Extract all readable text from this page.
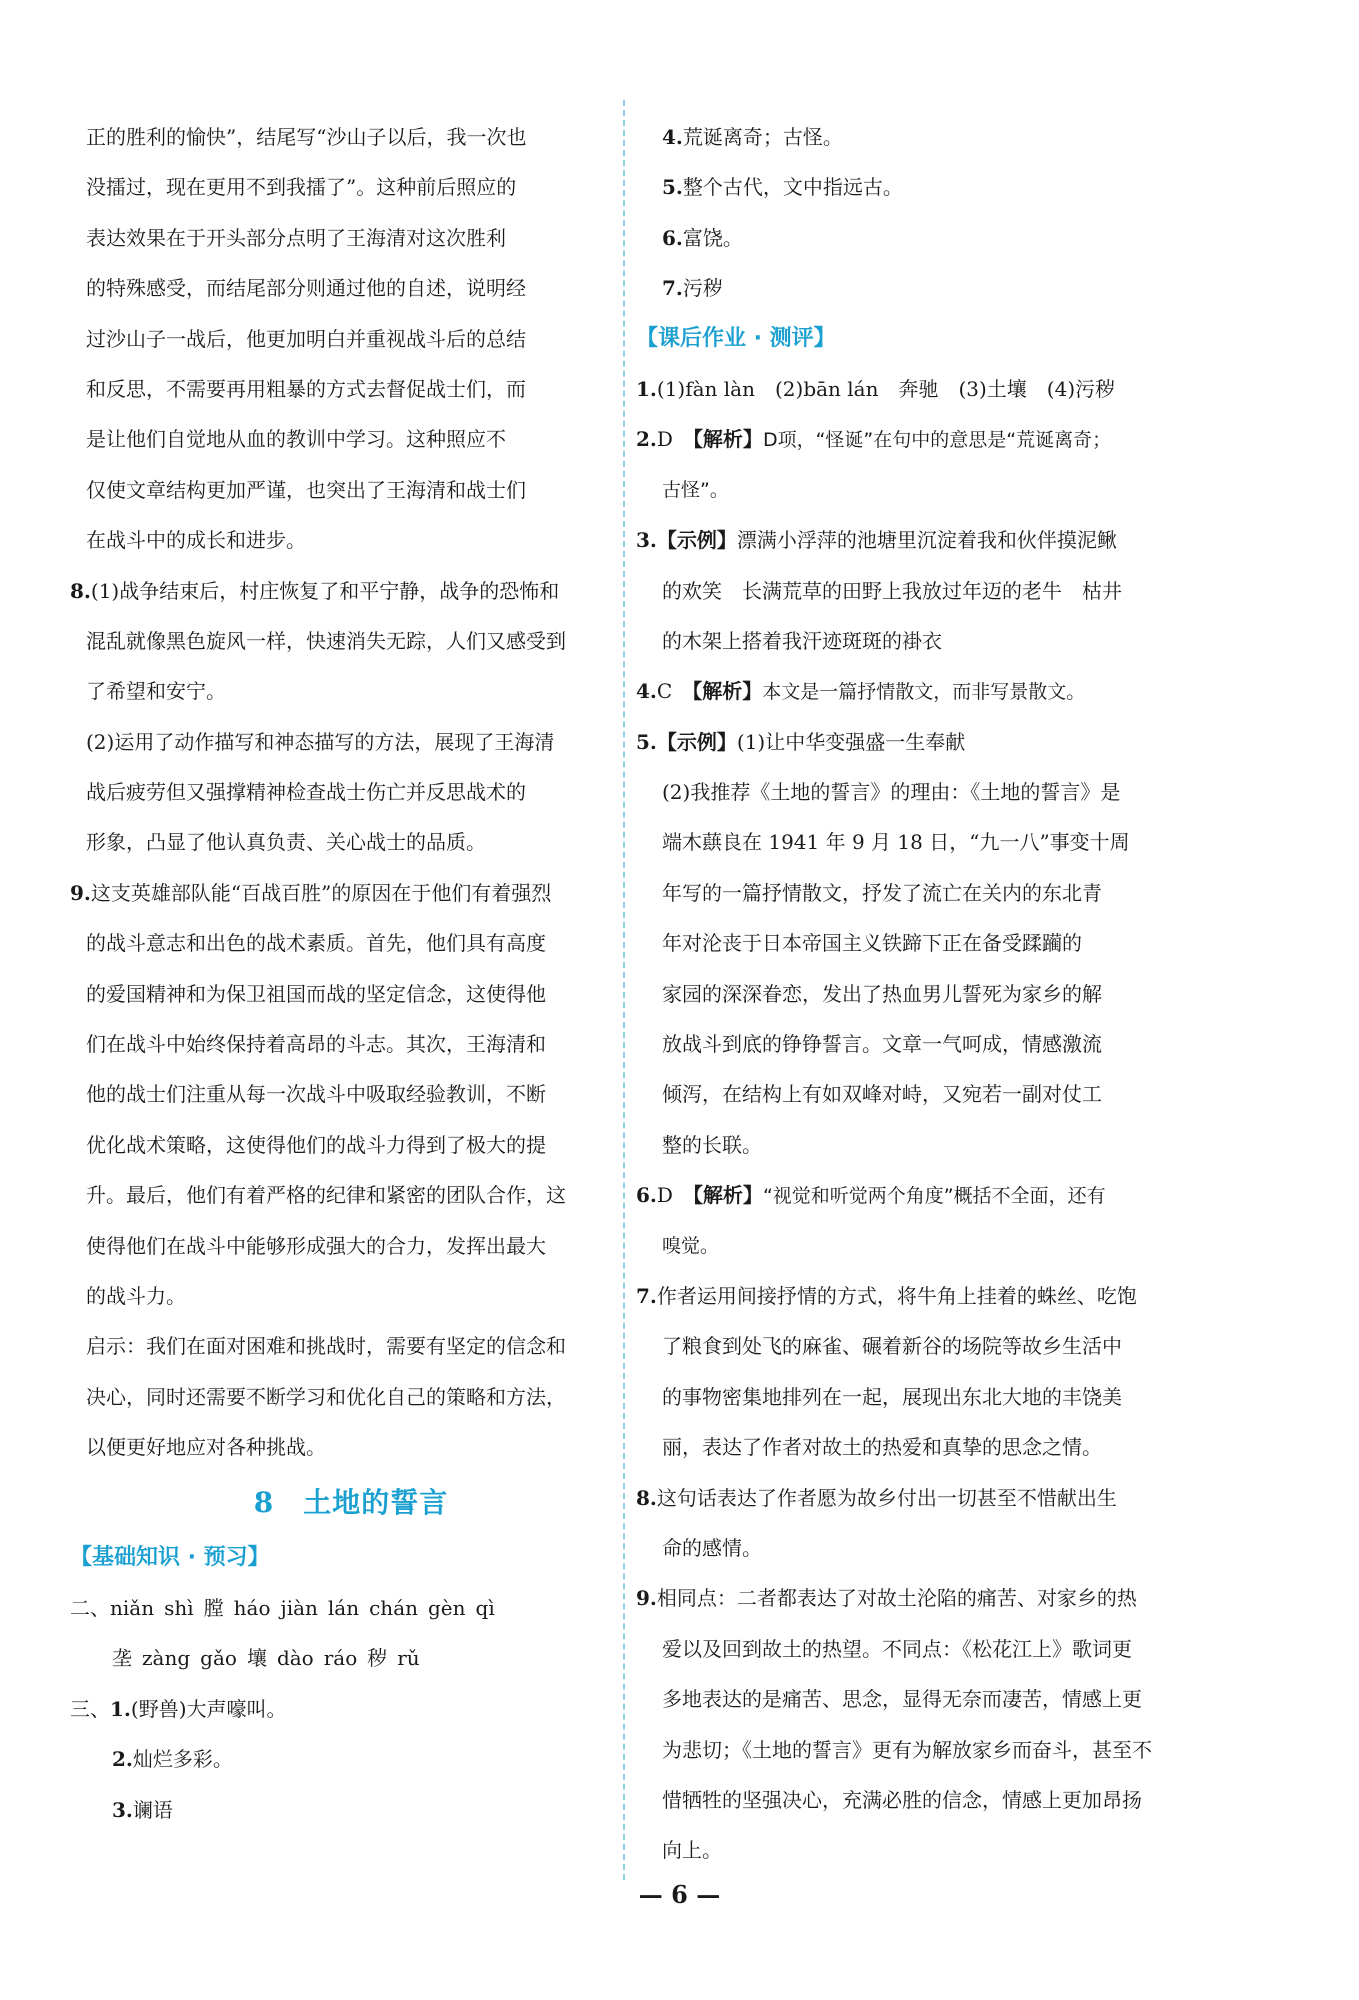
正的胜利的愉快”，结尾写“沙山子以后，我一次也
没擂过，现在更用不到我擂了”。这种前后照应的
表达效果在于开头部分点明了王海清对这次胜利
的特殊感受，而结尾部分则通过他的自述，说明经
过沙山子一战后，他更加明白并重视战斗后的总结
和反思，不需要再用粗暴的方式去督促战士们，而
是让他们自觉地从血的教训中学习。这种照应不
仅使文章结构更加严谨，也突出了王海清和战士们
在战斗中的成长和进步。
8.(1)战争结束后，村庄恢复了和平宁静，战争的恐怖和
混乱就像黑色旋风一样，快速消失无踪，人们又感受到
了希望和安宁。
(2)运用了动作描写和神态描写的方法，展现了王海清
战后疲劳但又强撑精神检查战士伤亡并反思战术的
形象，凸显了他认真负责、关心战士的品质。
9.这支英雄部队能“百战百胜”的原因在于他们有着强烈
的战斗意志和出色的战术素质。首先，他们具有高度
的爱国精神和为保卫祖国而战的坚定信念，这使得他
们在战斗中始终保持着高昂的斗志。其次，王海清和
他的战士们注重从每一次战斗中吸取经验教训，不断
优化战术策略，这使得他们的战斗力得到了极大的提
升。最后，他们有着严格的纪律和紧密的团队合作，这
使得他们在战斗中能够形成强大的合力，发挥出最大
的战斗力。
启示：我们在面对困难和挑战时，需要有坚定的信念和
决心，同时还需要不断学习和优化自己的策略和方法，
以便更好地应对各种挑战。
8　土地的誓言
【基础知识 · 预习】
二、niǎn shì 膛 háo jiàn lán chán gèn qì
垄 zàng gǎo 壤 dào ráo 秽 rǔ
三、1.(野兽)大声嚎叫。
2.灿烂多彩。
3.谰语
4.荒诞离奇；古怪。
5.整个古代，文中指远古。
6.富饶。
7.污秽
【课后作业 · 测评】
1.(1)fàn làn　(2)bān lán　奔驰　(3)土壤　(4)污秽
2.D　 【解析】D项，“怪诞”在句中的意思是“荒诞离奇；
古怪”。
3.【示例】漂满小浮萍的池塘里沉淀着我和伙伴摸泥鳅
的欢笑　长满荒草的田野上我放过年迈的老牛　枯井
的木架上搭着我汗迹斑斑的褂衣
4.C　 【解析】本文是一篇抒情散文，而非写景散文。
5.【示例】(1)让中华变强盛一生奉献
(2)我推荐《土地的誓言》的理由：《土地的誓言》是
端木蕻良在 1941 年 9 月 18 日，“九一八”事变十周
年写的一篇抒情散文，抒发了流亡在关内的东北青
年对沦丧于日本帝国主义铁蹄下正在备受蹂躏的
家园的深深眷恋，发出了热血男儿誓死为家乡的解
放战斗到底的铮铮誓言。文章一气呵成，情感激流
倾泻，在结构上有如双峰对峙，又宛若一副对仗工
整的长联。
6.D　 【解析】“视觉和听觉两个角度”概括不全面，还有
嗅觉。
7.作者运用间接抒情的方式，将牛角上挂着的蛛丝、吃饱
了粮食到处飞的麻雀、碾着新谷的场院等故乡生活中
的事物密集地排列在一起，展现出东北大地的丰饶美
丽，表达了作者对故土的热爱和真挚的思念之情。
8.这句话表达了作者愿为故乡付出一切甚至不惜献出生
命的感情。
9.相同点：二者都表达了对故土沦陷的痛苦、对家乡的热
爱以及回到故土的热望。不同点：《松花江上》歌词更
多地表达的是痛苦、思念，显得无奈而凄苦，情感上更
为悲切；《土地的誓言》更有为解放家乡而奋斗，甚至不
惜牺牲的坚强决心，充满必胜的信念，情感上更加昂扬
向上。
— 6 —
